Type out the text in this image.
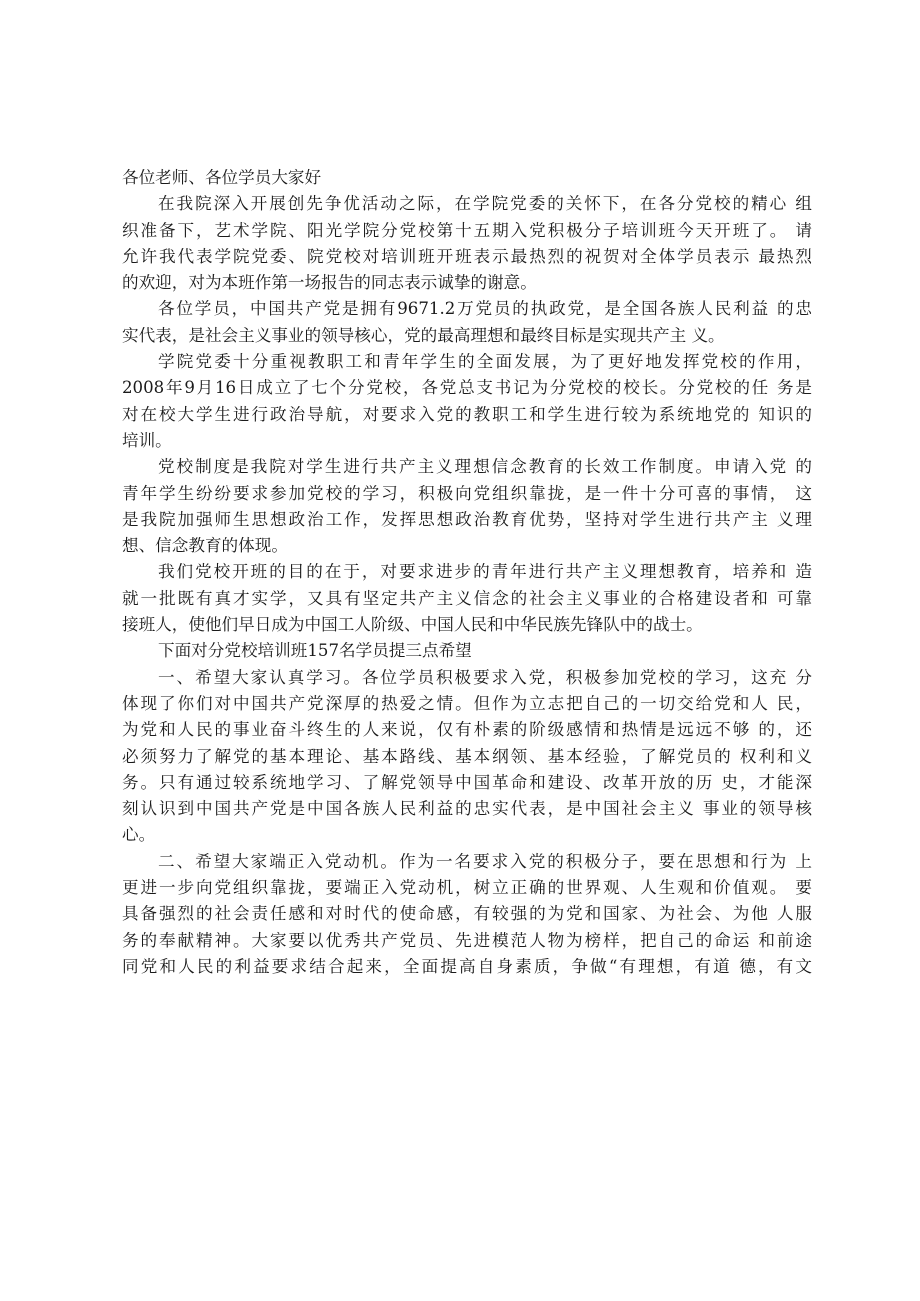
各位老师、各位学员大家好
在我院深入开展创先争优活动之际，在学院党委的关怀下，在各分党校的精心 组
织准备下，艺术学院、阳光学院分党校第十五期入党积极分子培训班今天开班了。 请
允许我代表学院党委、院党校对培训班开班表示最热烈的祝贺对全体学员表示 最热烈
的欢迎，对为本班作第一场报告的同志表示诚挚的谢意。
各位学员，中国共产党是拥有9671.2万党员的执政党，是全国各族人民利益 的忠
实代表，是社会主义事业的领导核心，党的最高理想和最终目标是实现共产主 义。
学院党委十分重视教职工和青年学生的全面发展，为了更好地发挥党校的作用，
2008年9月16日成立了七个分党校，各党总支书记为分党校的校长。分党校的任 务是
对在校大学生进行政治导航，对要求入党的教职工和学生进行较为系统地党的 知识的
培训。
党校制度是我院对学生进行共产主义理想信念教育的长效工作制度。申请入党 的
青年学生纷纷要求参加党校的学习，积极向党组织靠拢，是一件十分可喜的事情， 这
是我院加强师生思想政治工作，发挥思想政治教育优势，坚持对学生进行共产主 义理
想、信念教育的体现。
我们党校开班的目的在于，对要求进步的青年进行共产主义理想教育，培养和 造
就一批既有真才实学，又具有坚定共产主义信念的社会主义事业的合格建设者和 可靠
接班人，使他们早日成为中国工人阶级、中国人民和中华民族先锋队中的战士。
下面对分党校培训班157名学员提三点希望
一、希望大家认真学习。各位学员积极要求入党，积极参加党校的学习，这充 分
体现了你们对中国共产党深厚的热爱之情。但作为立志把自己的一切交给党和人 民，
为党和人民的事业奋斗终生的人来说，仅有朴素的阶级感情和热情是远远不够 的，还
必须努力了解党的基本理论、基本路线、基本纲领、基本经验，了解党员的 权利和义
务。只有通过较系统地学习、了解党领导中国革命和建设、改革开放的历 史，才能深
刻认识到中国共产党是中国各族人民利益的忠实代表，是中国社会主义 事业的领导核
心。
二、希望大家端正入党动机。作为一名要求入党的积极分子，要在思想和行为 上
更进一步向党组织靠拢，要端正入党动机，树立正确的世界观、人生观和价值观。 要
具备强烈的社会责任感和对时代的使命感，有较强的为党和国家、为社会、为他 人服
务的奉献精神。大家要以优秀共产党员、先进模范人物为榜样，把自己的命运 和前途
同党和人民的利益要求结合起来，全面提高自身素质，争做“有理想，有道 德，有文
